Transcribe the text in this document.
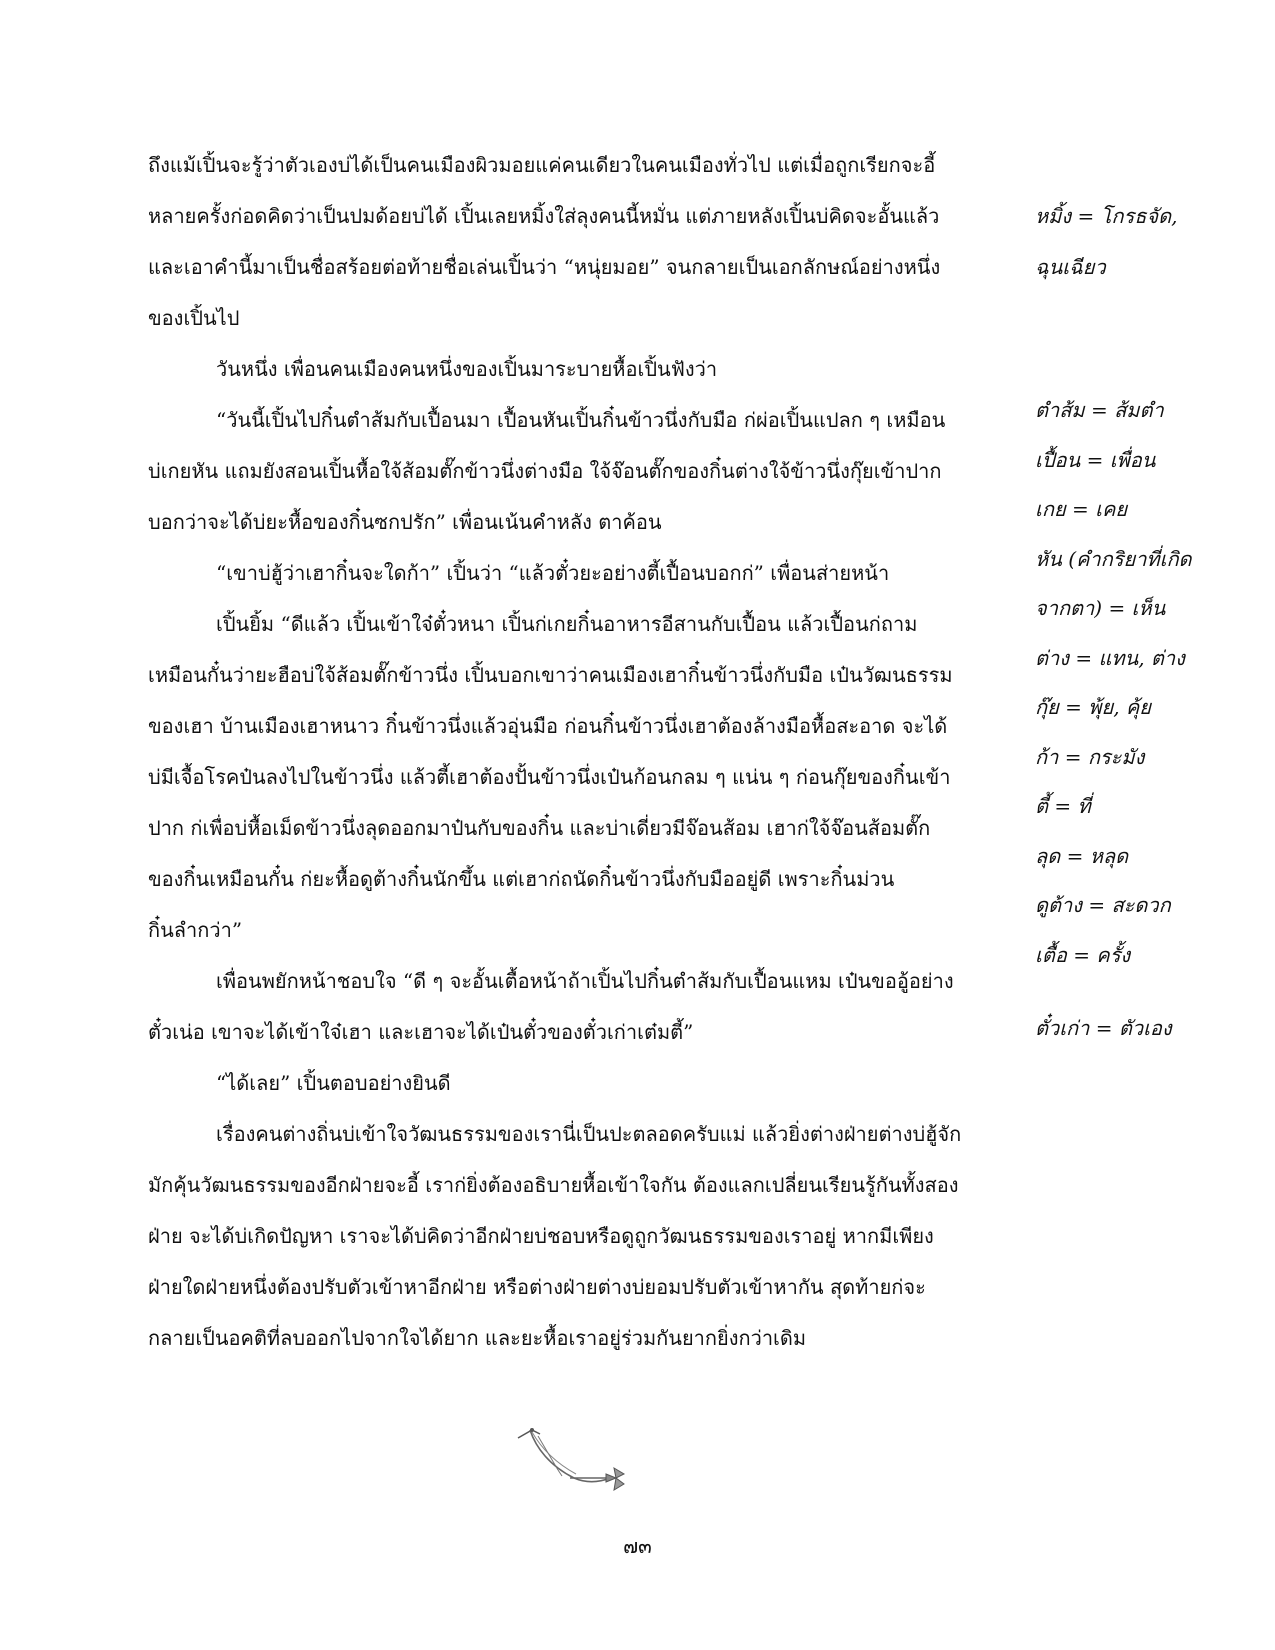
ถึงแม้เปิ้นจะรู้ว่าตัวเองบ่ได้เป็นคนเมืองผิวมอยแค่คนเดียวในคนเมืองทั่วไป แต่เมื่อถูกเรียกจะอี้
หลายครั้งก่อดคิดว่าเป็นปมด้อยบ่ได้ เปิ้นเลยหมิ้งใส่ลุงคนนี้หมั่น แต่ภายหลังเปิ้นบ่คิดจะอั้นแล้ว
และเอาคำนี้มาเป็นชื่อสร้อยต่อท้ายชื่อเล่นเปิ้นว่า “หนุ่ยมอย” จนกลายเป็นเอกลักษณ์อย่างหนึ่ง
ของเปิ้นไป
วันหนึ่ง เพื่อนคนเมืองคนหนึ่งของเปิ้นมาระบายหื้อเปิ้นฟังว่า
“วันนี้เปิ้นไปกิ๋นตำส้มกับเปื้อนมา เปื้อนหันเปิ้นกิ๋นข้าวนึ่งกับมือ ก่ผ่อเปิ้นแปลก ๆ เหมือน
บ่เกยหัน แถมยังสอนเปิ้นหื้อใจ้ส้อมตั๊กข้าวนึ่งต่างมือ ใจ้จ๊อนตั๊กของกิ๋นต่างใจ้ข้าวนึ่งกุ๊ยเข้าปาก
บอกว่าจะได้บ่ยะหื้อของกิ๋นซกปรัก” เพื่อนเน้นคำหลัง ตาค้อน
“เขาบ่ฮู้ว่าเฮากิ๋นจะใดก้า” เปิ้นว่า “แล้วตั๋วยะอย่างตี้เปื้อนบอกก่” เพื่อนส่ายหน้า
เปิ้นยิ้ม “ดีแล้ว เปิ้นเข้าใจ๋ตั๋วหนา เปิ้นก่เกยกิ๋นอาหารอีสานกับเปื้อน แล้วเปื้อนก่ถาม
เหมือนกั๋นว่ายะฮือบ่ใจ้ส้อมตั๊กข้าวนึ่ง เปิ้นบอกเขาว่าคนเมืองเฮากิ๋นข้าวนึ่งกับมือ เป๋นวัฒนธรรม
ของเฮา บ้านเมืองเฮาหนาว กิ๋นข้าวนึ่งแล้วอุ่นมือ ก่อนกิ๋นข้าวนึ่งเฮาต้องล้างมือหื้อสะอาด จะได้
บ่มีเจื้อโรคป๋นลงไปในข้าวนึ่ง แล้วตี้เฮาต้องปั้นข้าวนึ่งเป๋นก้อนกลม ๆ แน่น ๆ ก่อนกุ๊ยของกิ๋นเข้า
ปาก ก่เพื่อบ่หื้อเม็ดข้าวนึ่งลุดออกมาป๋นกับของกิ๋น และบ่าเดี่ยวมีจ๊อนส้อม เฮาก่ใจ้จ๊อนส้อมตั๊ก
ของกิ๋นเหมือนกั๋น ก่ยะหื้อดูต้างกิ๋นนักขึ้น แต่เฮาก่ถนัดกิ๋นข้าวนึ่งกับมืออยู่ดี เพราะกิ๋นม่วน
กิ๋นลำกว่า”
เพื่อนพยักหน้าชอบใจ “ดี ๆ จะอั้นเตื้อหน้าถ้าเปิ้นไปกิ๋นตำส้มกับเปื้อนแหม เป๋นขออู้อย่าง
ตั๋วเน่อ เขาจะได้เข้าใจ๋เฮา และเฮาจะได้เป๋นตั๋วของตั๋วเก่าเต๋มตี้”
“ได้เลย” เปิ้นตอบอย่างยินดี
เรื่องคนต่างถิ่นบ่เข้าใจวัฒนธรรมของเรานี่เป็นปะตลอดครับแม่ แล้วยิ่งต่างฝ่ายต่างบ่ฮู้จัก
มักคุ้นวัฒนธรรมของอีกฝ่ายจะอี้ เราก่ยิ่งต้องอธิบายหื้อเข้าใจกัน ต้องแลกเปลี่ยนเรียนรู้กันทั้งสอง
ฝ่าย จะได้บ่เกิดปัญหา เราจะได้บ่คิดว่าอีกฝ่ายบ่ชอบหรือดูถูกวัฒนธรรมของเราอยู่ หากมีเพียง
ฝ่ายใดฝ่ายหนึ่งต้องปรับตัวเข้าหาอีกฝ่าย หรือต่างฝ่ายต่างบ่ยอมปรับตัวเข้าหากัน สุดท้ายก่จะ
กลายเป็นอคติที่ลบออกไปจากใจได้ยาก และยะหื้อเราอยู่ร่วมกันยากยิ่งกว่าเดิม
หมิ้ง = โกรธจัด,
ฉุนเฉียว
ตำส้ม = ส้มตำ
เปื้อน = เพื่อน
เกย = เคย
หัน (คำกริยาที่เกิด
จากตา) = เห็น
ต่าง = แทน, ต่าง
กุ๊ย = พุ้ย, คุ้ย
ก้า = กระมัง
ตี้ = ที่
ลุด = หลุด
ดูต้าง = สะดวก
เตื้อ = ครั้ง
ตั๋วเก่า = ตัวเอง
๗๓
